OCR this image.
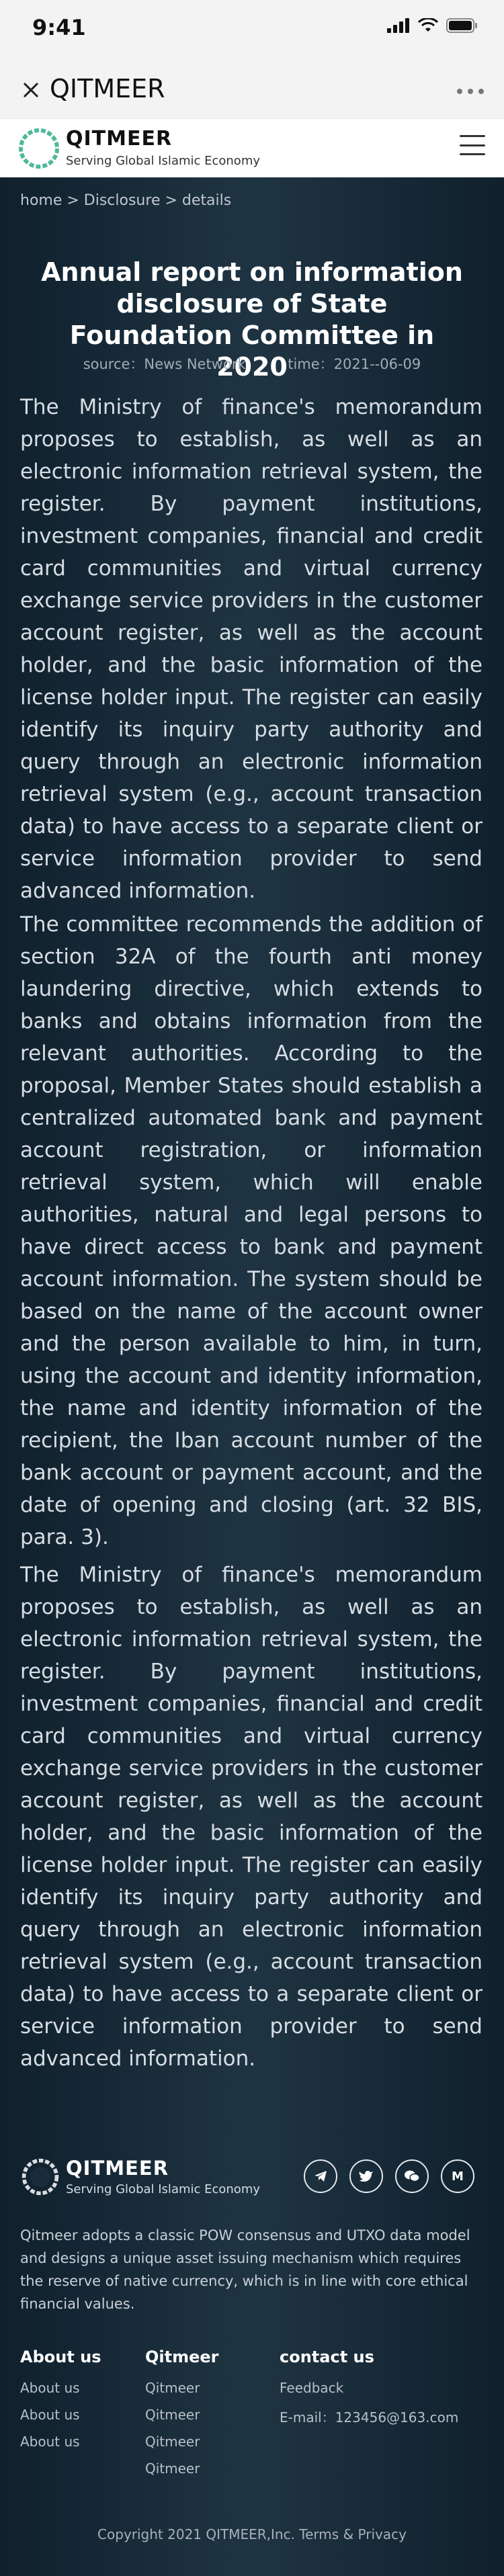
9:41
QITMEER
QITMEER
Serving Global Islamic Economy
home > Disclosure > details
Annual report on information disclosure of State Foundation Committee in 2020
source：News Network	time：2021--06-09

The Ministry of finance's memorandum proposes to establish, as well as an electronic information retrieval system, the register. By payment institutions, investment companies, financial and credit card communities and virtual currency exchange service providers in the customer account register, as well as the account holder, and the basic information of the license holder input. The register can easily identify its inquiry party authority and query through an electronic information retrieval system (e.g., account transaction data) to have access to a separate client or service information provider to send advanced information.

The committee recommends the addition of section 32A of the fourth anti money laundering directive, which extends to banks and obtains information from the relevant authorities. According to the proposal, Member States should establish a centralized automated bank and payment account registration, or information retrieval system, which will enable authorities, natural and legal persons to have direct access to bank and payment account information. The system should be based on the name of the account owner and the person available to him, in turn, using the account and identity information, the name and identity information of the recipient, the Iban account number of the bank account or payment account, and the date of opening and closing (art. 32 BIS, para. 3).

The Ministry of finance's memorandum proposes to establish, as well as an electronic information retrieval system, the register. By payment institutions, investment companies, financial and credit card communities and virtual currency exchange service providers in the customer account register, as well as the account holder, and the basic information of the license holder input. The register can easily identify its inquiry party authority and query through an electronic information retrieval system (e.g., account transaction data) to have access to a separate client or service information provider to send advanced information.

QITMEER
Serving Global Islamic Economy
M
Qitmeer adopts a classic POW consensus and UTXO data model and designs a unique asset issuing mechanism which requires the reserve of native currency, which is in line with core ethical financial values.
About us
About us
About us
About us
Qitmeer
Qitmeer
Qitmeer
Qitmeer
Qitmeer
contact us
Feedback
E-mail：123456@163.com
Copyright 2021 QITMEER,Inc. Terms & Privacy
